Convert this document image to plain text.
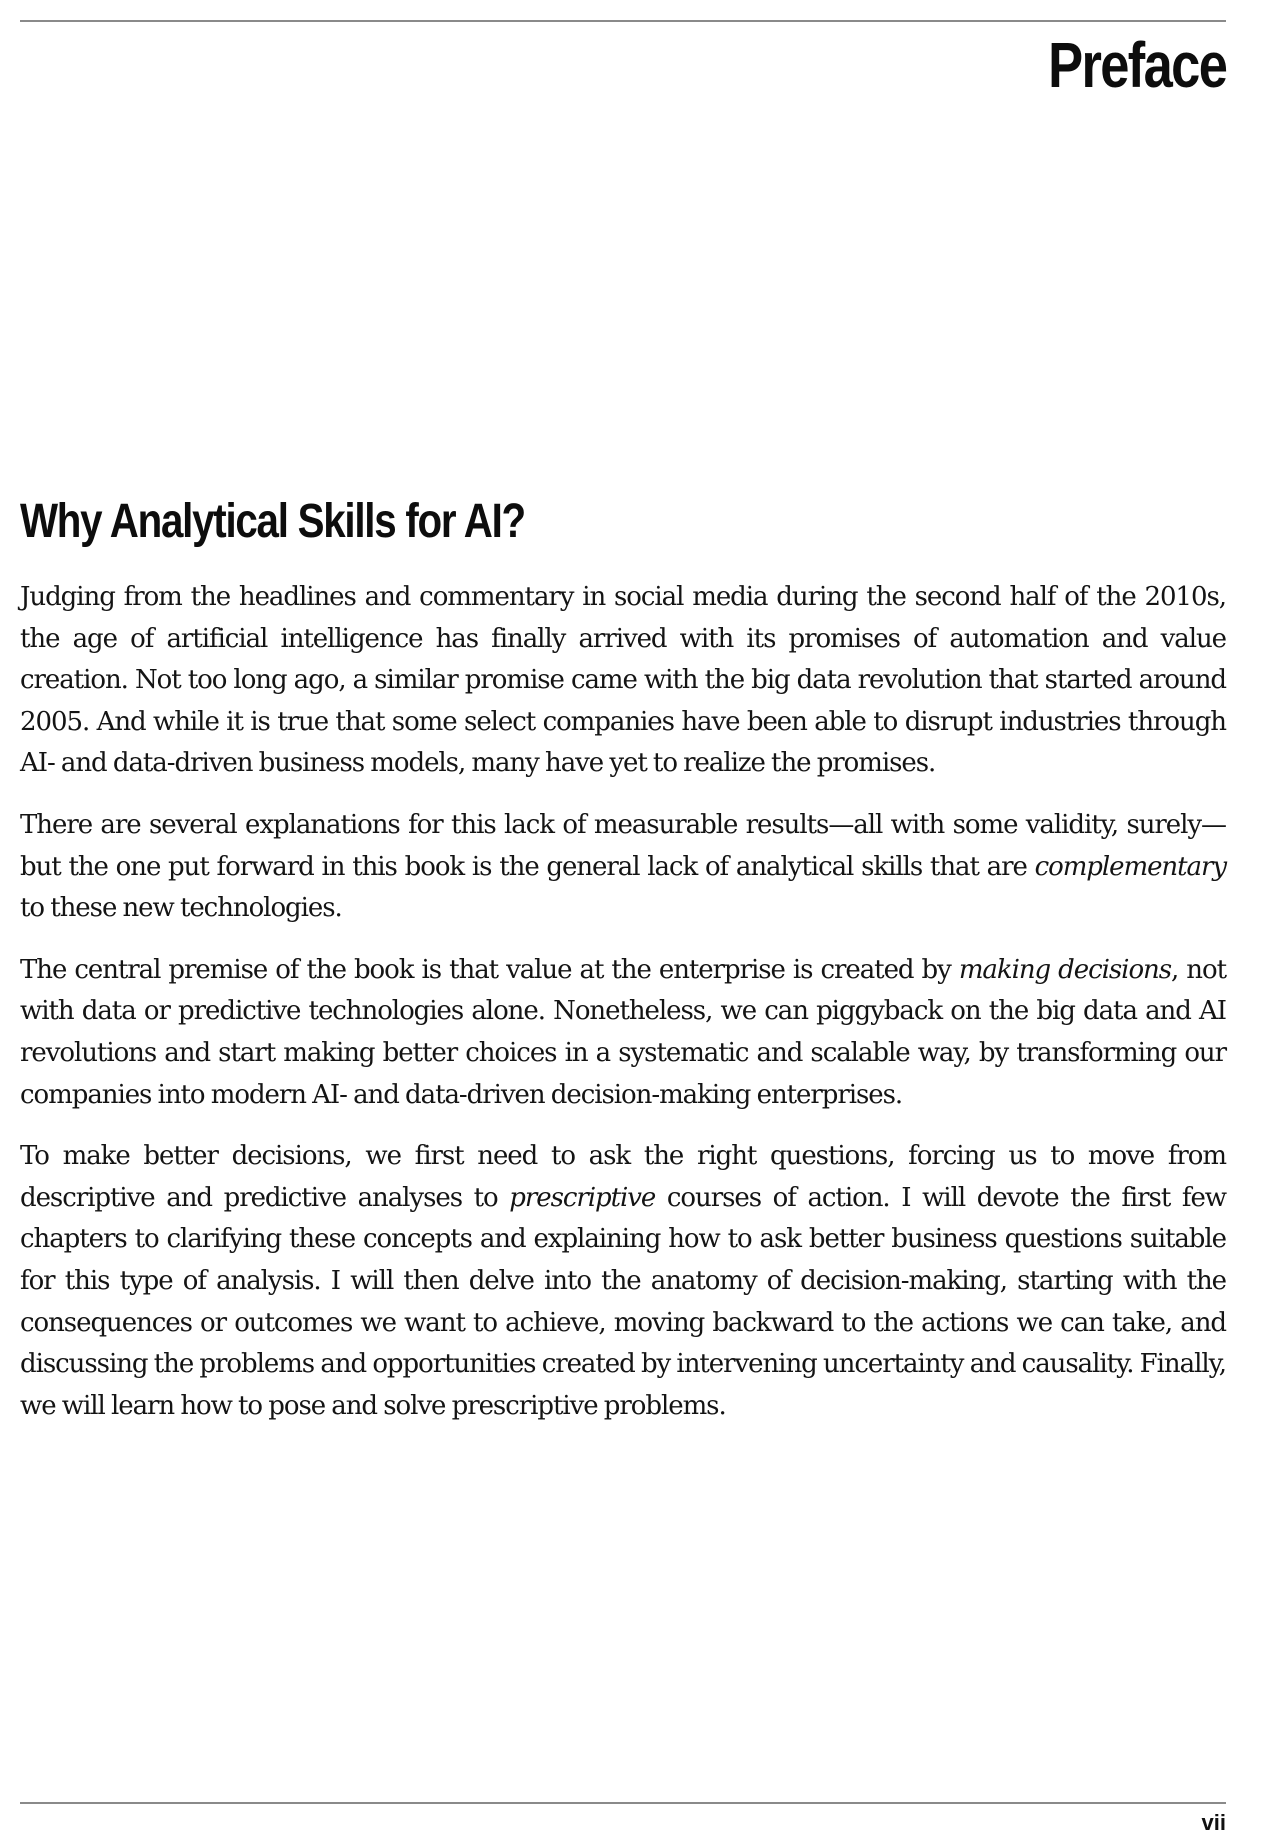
Preface
Why Analytical Skills for AI?

Judging from the headlines and commentary in social media during the second half of the 2010s, the age of artificial intelligence has finally arrived with its promises of automation and value creation. Not too long ago, a similar promise came with the big data revolution that started around 2005. And while it is true that some select companies have been able to disrupt industries through AI- and data-driven business models, many have yet to realize the promises.

There are several explanations for this lack of measurable results—all with some validity, surely—but the one put forward in this book is the general lack of analytical skills that are complementary to these new technologies.

The central premise of the book is that value at the enterprise is created by making decisions, not with data or predictive technologies alone. Nonetheless, we can piggyback on the big data and AI revolutions and start making better choices in a systematic and scalable way, by transforming our companies into modern AI- and data-driven decision-making enterprises.

To make better decisions, we first need to ask the right questions, forcing us to move from descriptive and predictive analyses to prescriptive courses of action. I will devote the first few chapters to clarifying these concepts and explaining how to ask better business questions suitable for this type of analysis. I will then delve into the anatomy of decision-making, starting with the consequences or outcomes we want to achieve, moving backward to the actions we can take, and discussing the problems and opportunities created by intervening uncertainty and causality. Finally, we will learn how to pose and solve prescriptive problems.

vii
